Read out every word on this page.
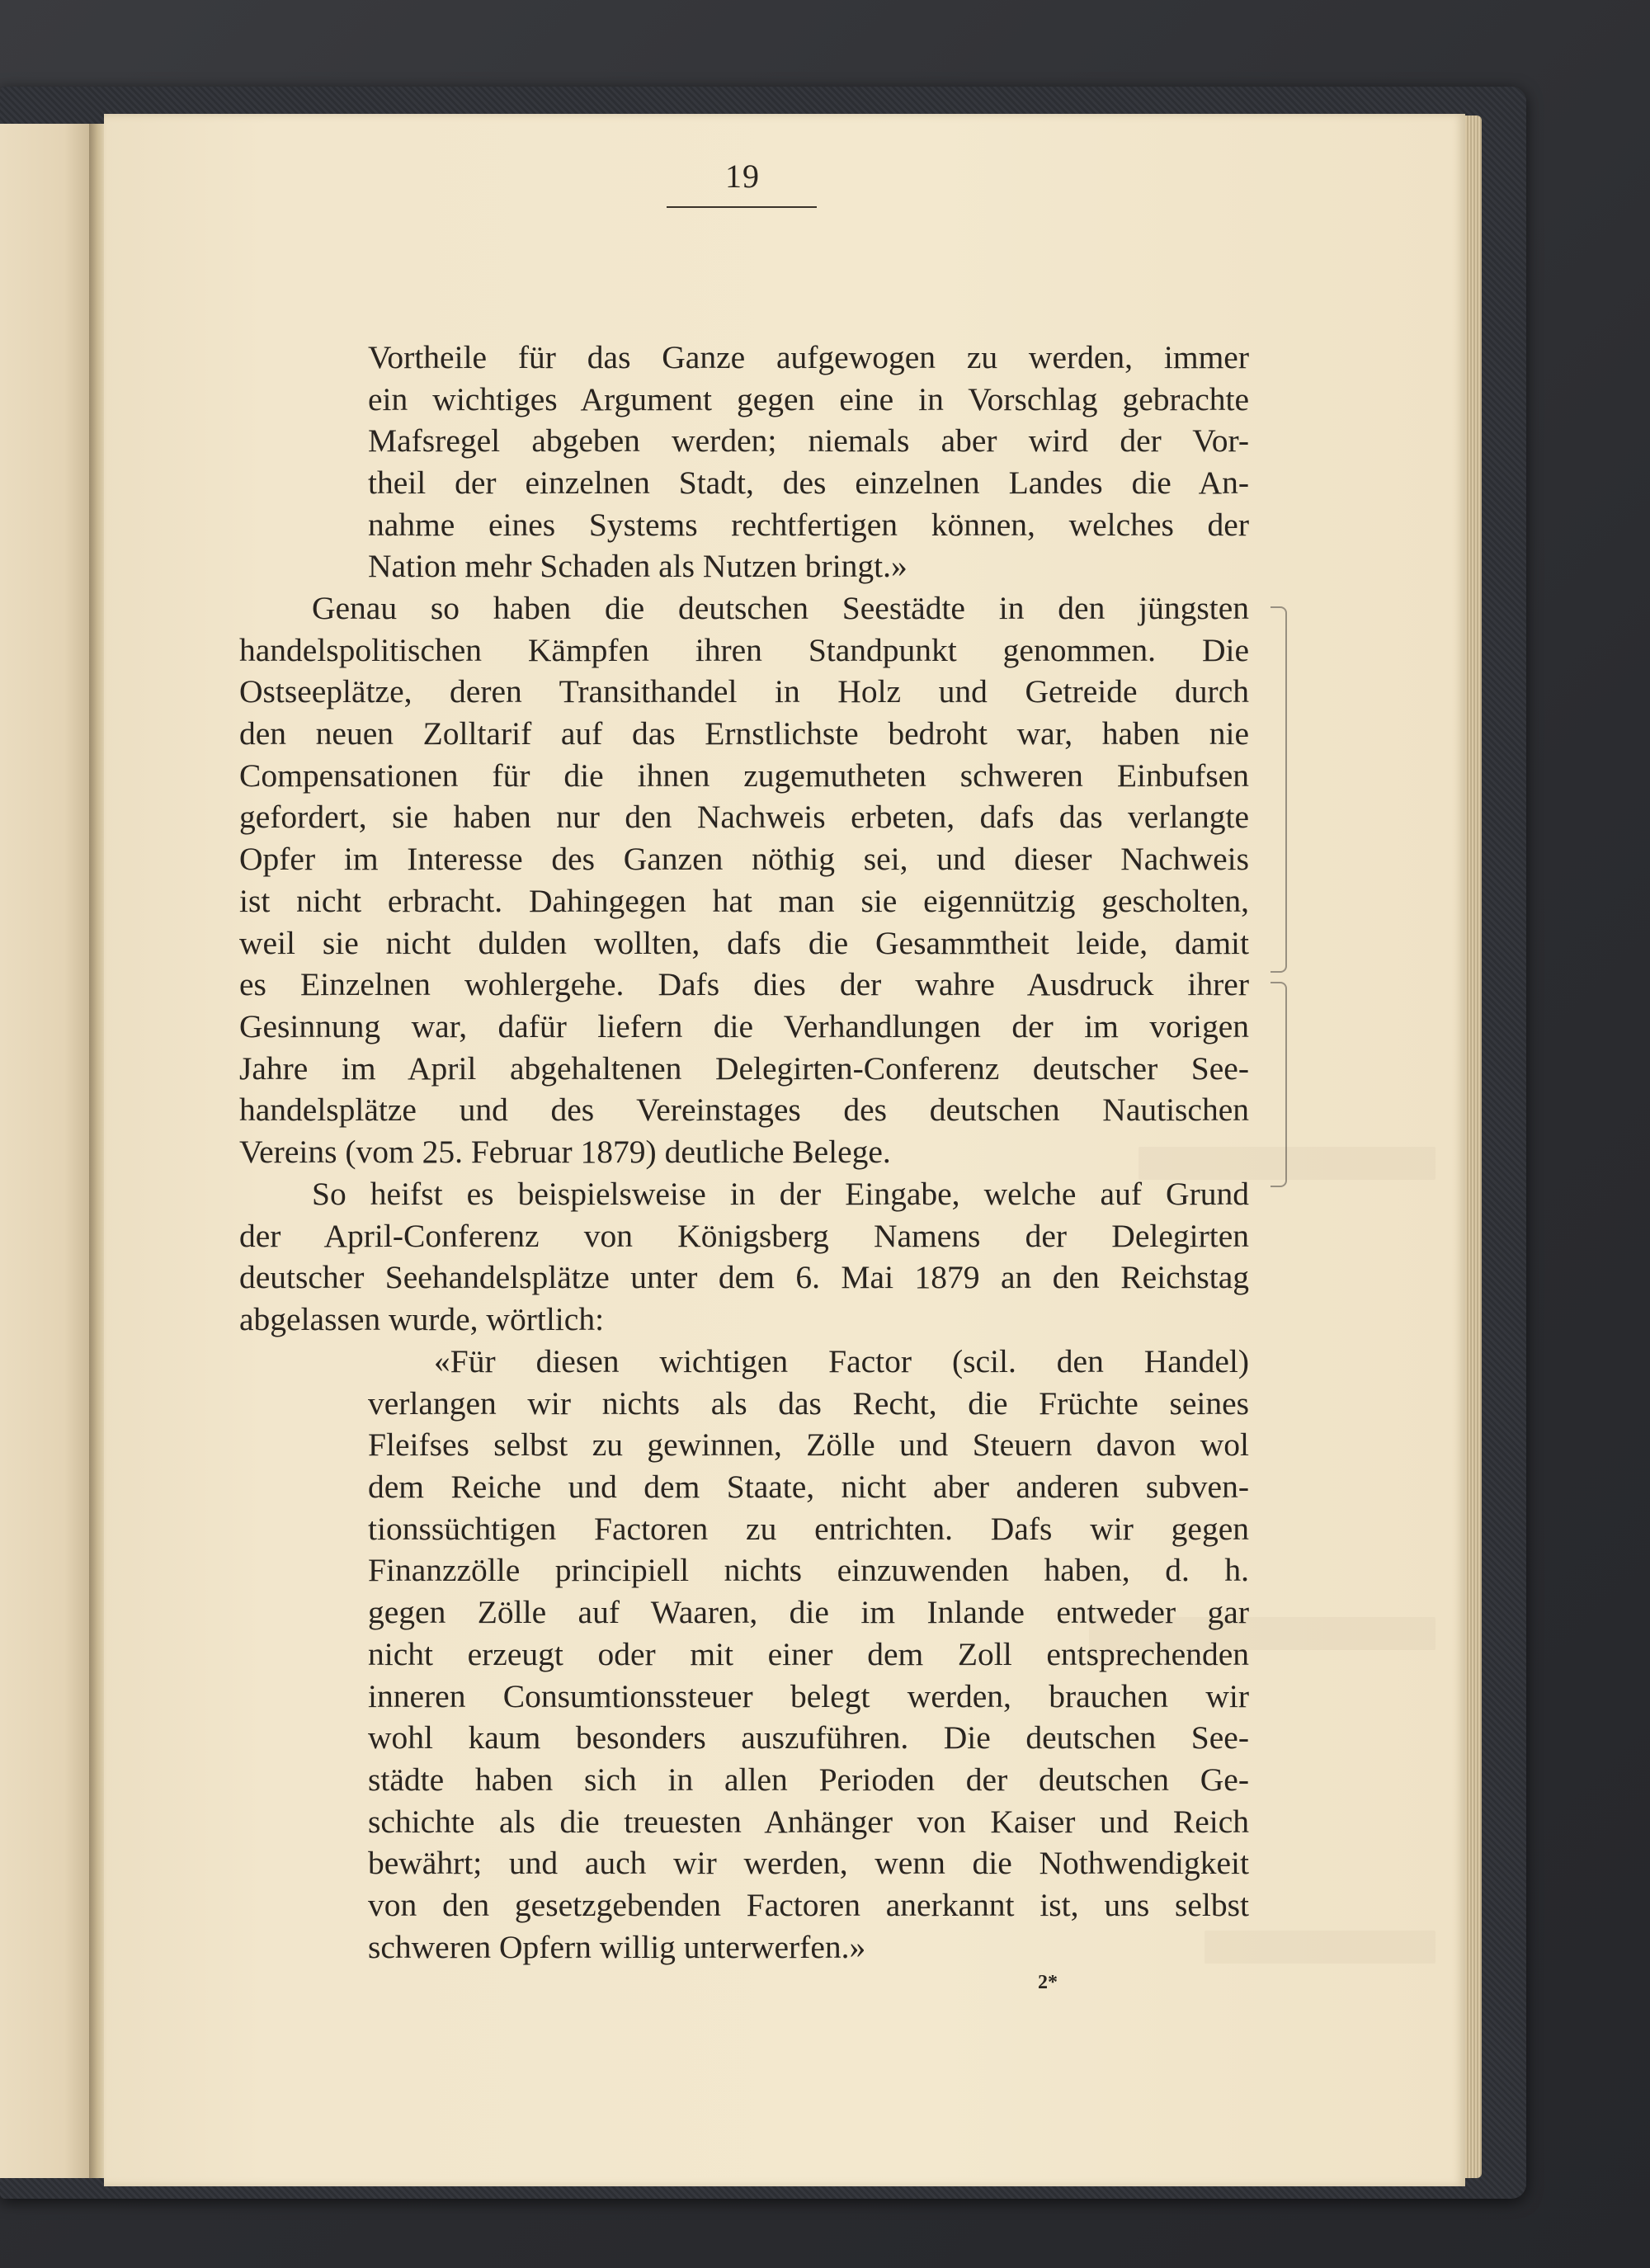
19
Vortheile für das Ganze aufgewogen zu werden, immer
ein wichtiges Argument gegen eine in Vorschlag gebrachte
Mafsregel abgeben werden; niemals aber wird der Vor-
theil der einzelnen Stadt, des einzelnen Landes die An-
nahme eines Systems rechtfertigen können, welches der
Nation mehr Schaden als Nutzen bringt.»
Genau so haben die deutschen Seestädte in den jüngsten
handelspolitischen Kämpfen ihren Standpunkt genommen. Die
Ostseeplätze, deren Transithandel in Holz und Getreide durch
den neuen Zolltarif auf das Ernstlichste bedroht war, haben nie
Compensationen für die ihnen zugemutheten schweren Einbufsen
gefordert, sie haben nur den Nachweis erbeten, dafs das verlangte
Opfer im Interesse des Ganzen nöthig sei, und dieser Nachweis
ist nicht erbracht. Dahingegen hat man sie eigennützig gescholten,
weil sie nicht dulden wollten, dafs die Gesammtheit leide, damit
es Einzelnen wohlergehe. Dafs dies der wahre Ausdruck ihrer
Gesinnung war, dafür liefern die Verhandlungen der im vorigen
Jahre im April abgehaltenen Delegirten-Conferenz deutscher See-
handelsplätze und des Vereinstages des deutschen Nautischen
Vereins (vom 25. Februar 1879) deutliche Belege.
So heifst es beispielsweise in der Eingabe, welche auf Grund
der April-Conferenz von Königsberg Namens der Delegirten
deutscher Seehandelsplätze unter dem 6. Mai 1879 an den Reichstag
abgelassen wurde, wörtlich:
«Für diesen wichtigen Factor (scil. den Handel)
verlangen wir nichts als das Recht, die Früchte seines
Fleifses selbst zu gewinnen, Zölle und Steuern davon wol
dem Reiche und dem Staate, nicht aber anderen subven-
tionssüchtigen Factoren zu entrichten. Dafs wir gegen
Finanzzölle principiell nichts einzuwenden haben, d. h.
gegen Zölle auf Waaren, die im Inlande entweder gar
nicht erzeugt oder mit einer dem Zoll entsprechenden
inneren Consumtionssteuer belegt werden, brauchen wir
wohl kaum besonders auszuführen. Die deutschen See-
städte haben sich in allen Perioden der deutschen Ge-
schichte als die treuesten Anhänger von Kaiser und Reich
bewährt; und auch wir werden, wenn die Nothwendigkeit
von den gesetzgebenden Factoren anerkannt ist, uns selbst
schweren Opfern willig unterwerfen.»
2*
